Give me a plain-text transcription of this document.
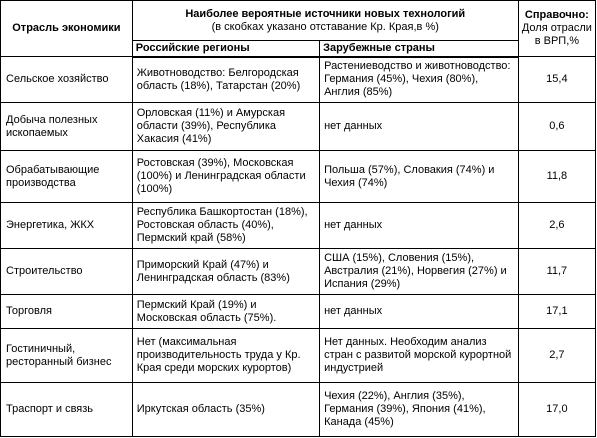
Отрасль экономики	Наиболее вероятные источники новых технологий
(в скобках указано отставание Кр. Края,в %)		Справочно:
Доля отрасли в ВРП,%

	Российские регионы	Зарубежные страны	
Сельское хозяйство	Животноводство: Белгородская область (18%), Татарстан (20%)	Растениеводство и животноводство: Германия (45%), Чехия (80%), Англия (85%)	15,4
Добыча полезных ископаемых	Орловская (11%) и Амурская области (39%), Республика Хакасия (41%)	нет данных	0,6
Обрабатывающие производства	Ростовская (39%), Московская (100%) и Ленинградская области (100%)	Польша (57%), Словакия (74%) и Чехия (74%)	11,8
Энергетика, ЖКХ	Республика Башкортостан (18%), Ростовская область (40%), Пермский край (58%)	нет данных	2,6
Строительство	Приморский Край (47%) и Ленинградская область (83%)	США (15%), Словения (15%), Австралия (21%), Норвегия (27%) и Испания (29%)	11,7
Торговля	Пермский Край (19%) и Московская область (75%).	нет данных	17,1
Гостиничный, ресторанный бизнес	Нет (максимальная производительность труда у Кр. Края среди морских курортов)	Нет данных. Необходим анализ стран с развитой морской курортной индустрией	2,7
Траспорт и связь	Иркутская область (35%)	Чехия (22%), Англия (35%), Германия (39%), Япония (41%), Канада (45%)	17,0
